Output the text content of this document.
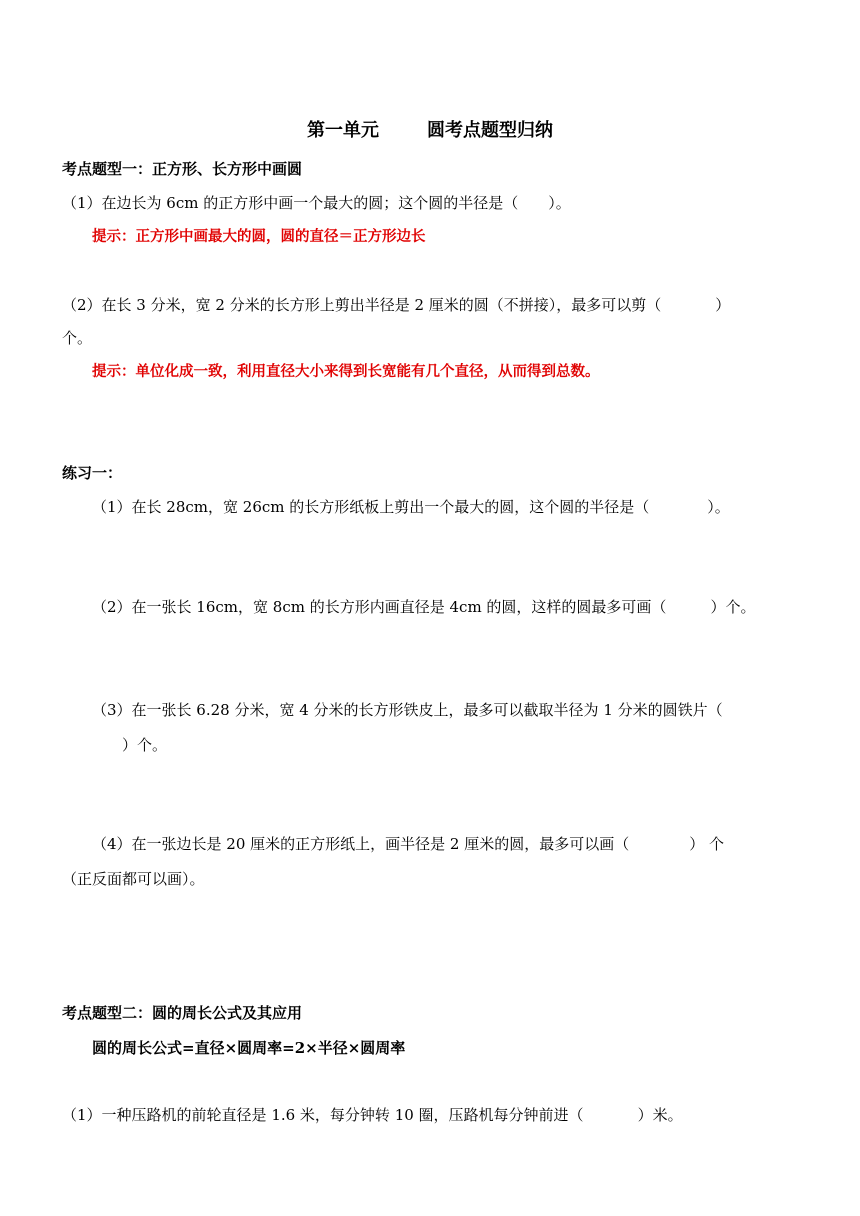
第一单元	圆考点题型归纳
考点题型一：正方形、长方形中画圆
（1）在边长为 6cm 的正方形中画一个最大的圆；这个圆的半径是（ ）。
提示：正方形中画最大的圆，圆的直径＝正方形边长
（2）在长 3 分米，宽 2 分米的长方形上剪出半径是 2 厘米的圆（不拼接），最多可以剪（	）
个。
提示：单位化成一致，利用直径大小来得到长宽能有几个直径，从而得到总数。
练习一：
（1）在长 28cm，宽 26cm 的长方形纸板上剪出一个最大的圆，这个圆的半径是（	）。
（2）在一张长 16cm，宽 8cm 的长方形内画直径是 4cm 的圆，这样的圆最多可画（	）个。
（3）在一张长 6.28 分米，宽 4 分米的长方形铁皮上，最多可以截取半径为 1 分米的圆铁片（
）个。
（4）在一张边长是 20 厘米的正方形纸上，画半径是 2 厘米的圆，最多可以画（	） 个
（正反面都可以画）。
考点题型二：圆的周长公式及其应用
圆的周长公式=直径×圆周率=2×半径×圆周率
（1）一种压路机的前轮直径是 1.6 米，每分钟转 10 圈，压路机每分钟前进（	）米。
